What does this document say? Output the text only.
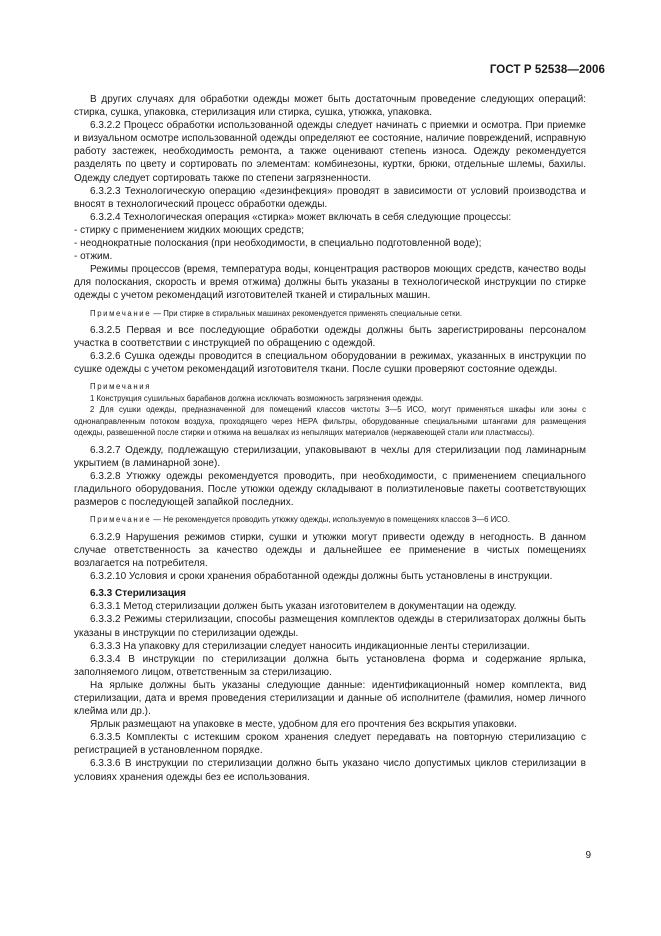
ГОСТ Р 52538—2006

В других случаях для обработки одежды может быть достаточным проведение следующих операций: стирка, сушка, упаковка, стерилизация или стирка, сушка, утюжка, упаковка.

6.3.2.2 Процесс обработки использованной одежды следует начинать с приемки и осмотра. При приемке и визуальном осмотре использованной одежды определяют ее состояние, наличие повреждений, исправную работу застежек, необходимость ремонта, а также оценивают степень износа. Одежду рекомендуется разделять по цвету и сортировать по элементам: комбинезоны, куртки, брюки, отдельные шлемы, бахилы. Одежду следует сортировать также по степени загрязненности.

6.3.2.3 Технологическую операцию «дезинфекция» проводят в зависимости от условий производства и вносят в технологический процесс обработки одежды.

6.3.2.4 Технологическая операция «стирка» может включать в себя следующие процессы:

- стирку с применением жидких моющих средств;

- неоднократные полоскания (при необходимости, в специально подготовленной воде);

- отжим.

Режимы процессов (время, температура воды, концентрация растворов моющих средств, качество воды для полоскания, скорость и время отжима) должны быть указаны в технологической инструкции по стирке одежды с учетом рекомендаций изготовителей тканей и стиральных машин.

Примечание — При стирке в стиральных машинах рекомендуется применять специальные сетки.

6.3.2.5 Первая и все последующие обработки одежды должны быть зарегистрированы персоналом участка в соответствии с инструкцией по обращению с одеждой.

6.3.2.6 Сушка одежды проводится в специальном оборудовании в режимах, указанных в инструкции по сушке одежды с учетом рекомендаций изготовителя ткани. После сушки проверяют состояние одежды.

Примечания

1 Конструкция сушильных барабанов должна исключать возможность загрязнения одежды.

2 Для сушки одежды, предназначенной для помещений классов чистоты 3—5 ИСО, могут применяться шкафы или зоны с однонаправленным потоком воздуха, проходящего через НЕРА фильтры, оборудованные специальными штангами для размещения одежды, развешенной после стирки и отжима на вешалках из непылящих материалов (нержавеющей стали или пластмассы).

6.3.2.7 Одежду, подлежащую стерилизации, упаковывают в чехлы для стерилизации под ламинарным укрытием (в ламинарной зоне).

6.3.2.8 Утюжку одежды рекомендуется проводить, при необходимости, с применением специального гладильного оборудования. После утюжки одежду складывают в полиэтиленовые пакеты соответствующих размеров с последующей запайкой последних.

Примечание — Не рекомендуется проводить утюжку одежды, используемую в помещениях классов 3—6 ИСО.

6.3.2.9 Нарушения режимов стирки, сушки и утюжки могут привести одежду в негодность. В данном случае ответственность за качество одежды и дальнейшее ее применение в чистых помещениях возлагается на потребителя.

6.3.2.10 Условия и сроки хранения обработанной одежды должны быть установлены в инструкции.

6.3.3 Стерилизация

6.3.3.1 Метод стерилизации должен быть указан изготовителем в документации на одежду.

6.3.3.2 Режимы стерилизации, способы размещения комплектов одежды в стерилизаторах должны быть указаны в инструкции по стерилизации одежды.

6.3.3.3 На упаковку для стерилизации следует наносить индикационные ленты стерилизации.

6.3.3.4 В инструкции по стерилизации должна быть установлена форма и содержание ярлыка, заполняемого лицом, ответственным за стерилизацию.

На ярлыке должны быть указаны следующие данные: идентификационный номер комплекта, вид стерилизации, дата и время проведения стерилизации и данные об исполнителе (фамилия, номер личного клейма или др.).

Ярлык размещают на упаковке в месте, удобном для его прочтения без вскрытия упаковки.

6.3.3.5 Комплекты с истекшим сроком хранения следует передавать на повторную стерилизацию с регистрацией в установленном порядке.

6.3.3.6 В инструкции по стерилизации должно быть указано число допустимых циклов стерилизации в условиях хранения одежды без ее использования.

9
